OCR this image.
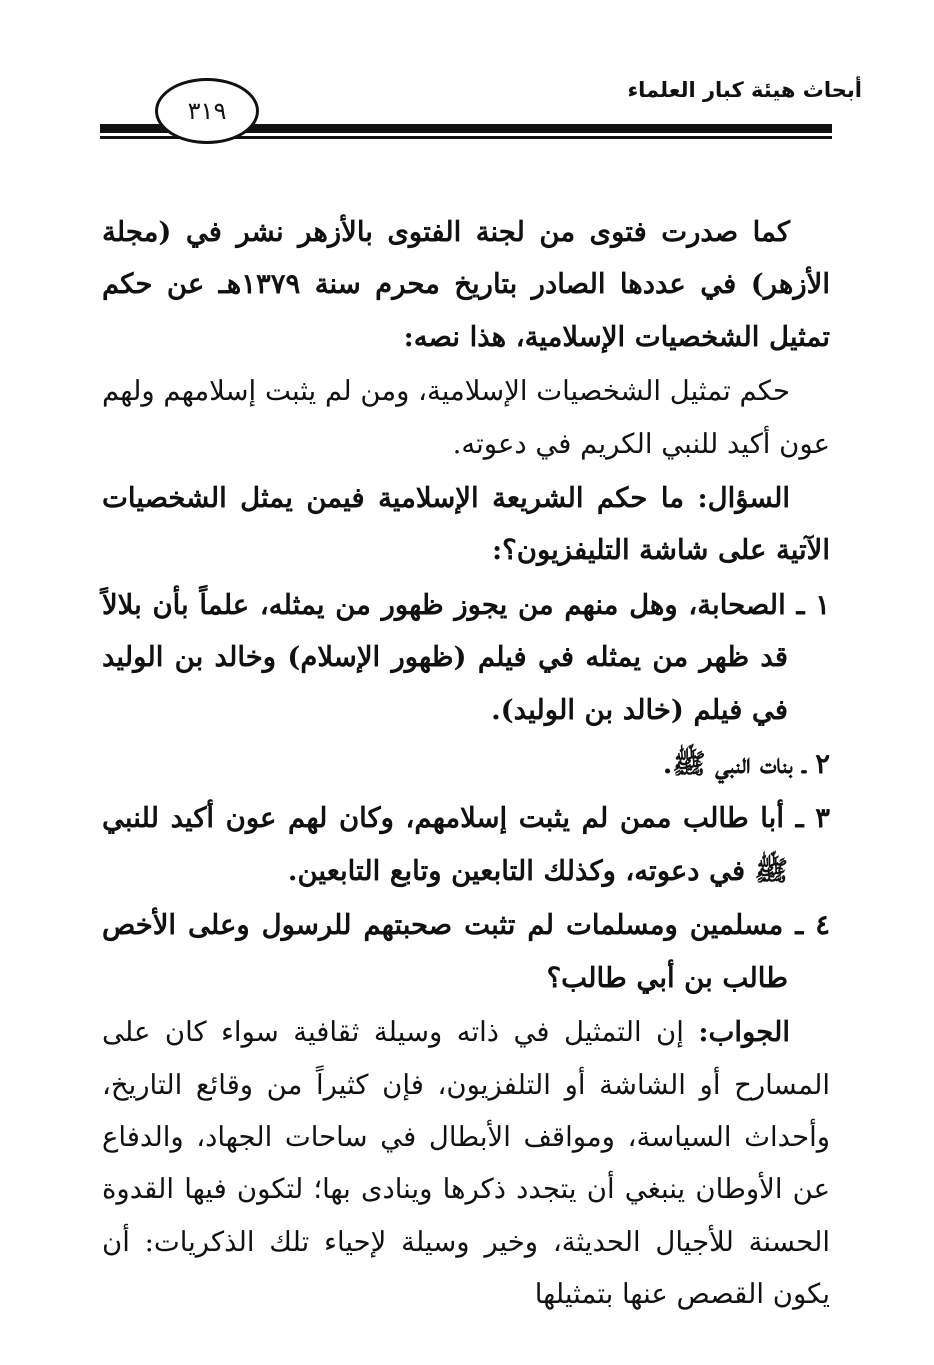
أبحاث هيئة كبار العلماء
٣١٩

كما صدرت فتوى من لجنة الفتوى بالأزهر نشر في (مجلة الأزهر) في عددها الصادر بتاريخ محرم سنة ١٣٧٩هـ عن حكم تمثيل الشخصيات الإسلامية، هذا نصه:

حكم تمثيل الشخصيات الإسلامية، ومن لم يثبت إسلامهم ولهم عون أكيد للنبي الكريم في دعوته.

السؤال: ما حكم الشريعة الإسلامية فيمن يمثل الشخصيات الآتية على شاشة التليفزيون؟:

١ ـ الصحابة، وهل منهم من يجوز ظهور من يمثله، علماً بأن بلالاً قد ظهر من يمثله في فيلم (ظهور الإسلام) وخالد بن الوليد في فيلم (خالد بن الوليد).

٢ ـ بنات النبي ﷺ.

٣ ـ أبا طالب ممن لم يثبت إسلامهم، وكان لهم عون أكيد للنبي ﷺ في دعوته، وكذلك التابعين وتابع التابعين.

٤ ـ مسلمين ومسلمات لم تثبت صحبتهم للرسول وعلى الأخص طالب بن أبي طالب؟

الجواب: إن التمثيل في ذاته وسيلة ثقافية سواء كان على المسارح أو الشاشة أو التلفزيون، فإن كثيراً من وقائع التاريخ، وأحداث السياسة، ومواقف الأبطال في ساحات الجهاد، والدفاع عن الأوطان ينبغي أن يتجدد ذكرها وينادى بها؛ لتكون فيها القدوة الحسنة للأجيال الحديثة، وخير وسيلة لإحياء تلك الذكريات: أن يكون القصص عنها بتمثيلها
